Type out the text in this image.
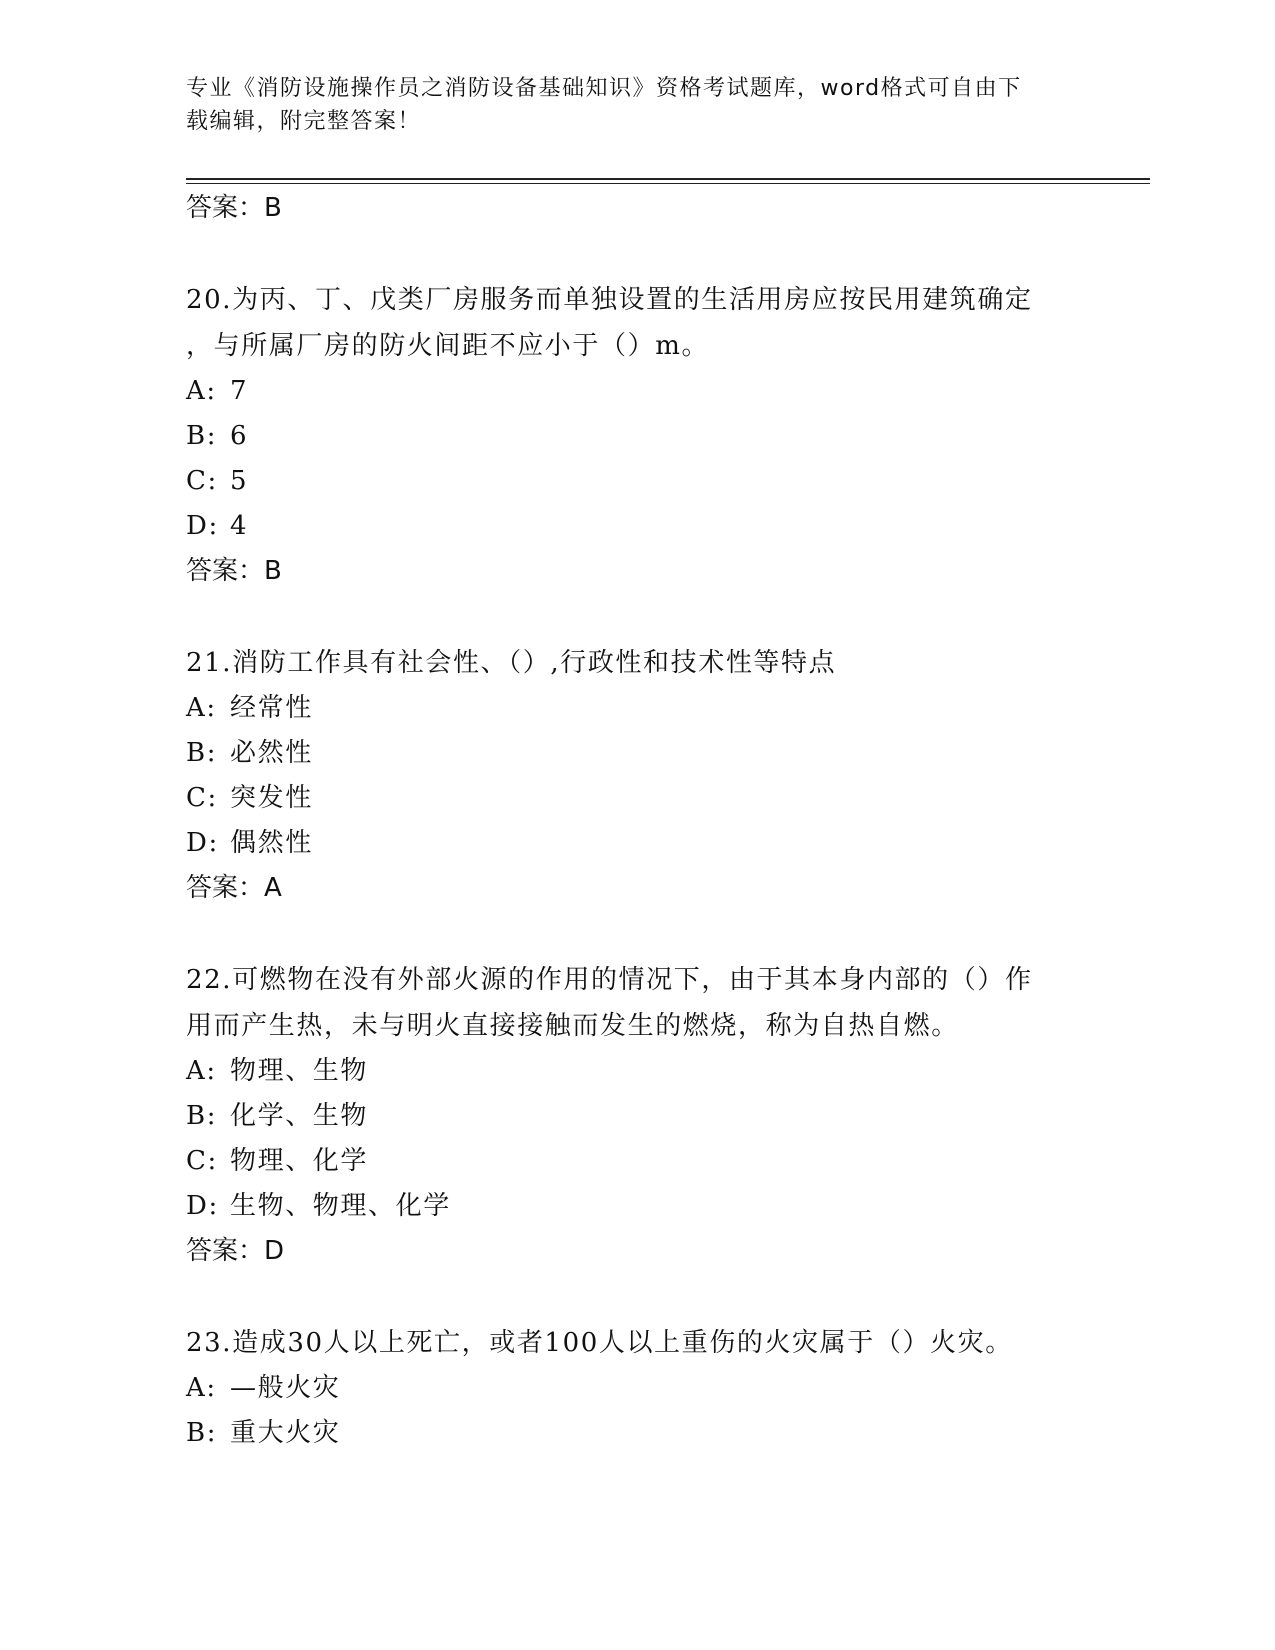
专业《消防设施操作员之消防设备基础知识》资格考试题库，word格式可自由下
载编辑，附完整答案！
答案：B
20.为丙、丁、戊类厂房服务而单独设置的生活用房应按民用建筑确定
，与所属厂房的防火间距不应小于（）m。
A: 7
B: 6
C: 5
D: 4
答案：B
21.消防工作具有社会性、（）,行政性和技术性等特点
A: 经常性
B: 必然性
C: 突发性
D: 偶然性
答案：A
22.可燃物在没有外部火源的作用的情况下，由于其本身内部的（）作
用而产生热，未与明火直接接触而发生的燃烧，称为自热自燃。
A: 物理、生物
B: 化学、生物
C: 物理、化学
D: 生物、物理、化学
答案：D
23.造成30人以上死亡，或者100人以上重伤的火灾属于（）火灾。
A: —般火灾
B: 重大火灾
